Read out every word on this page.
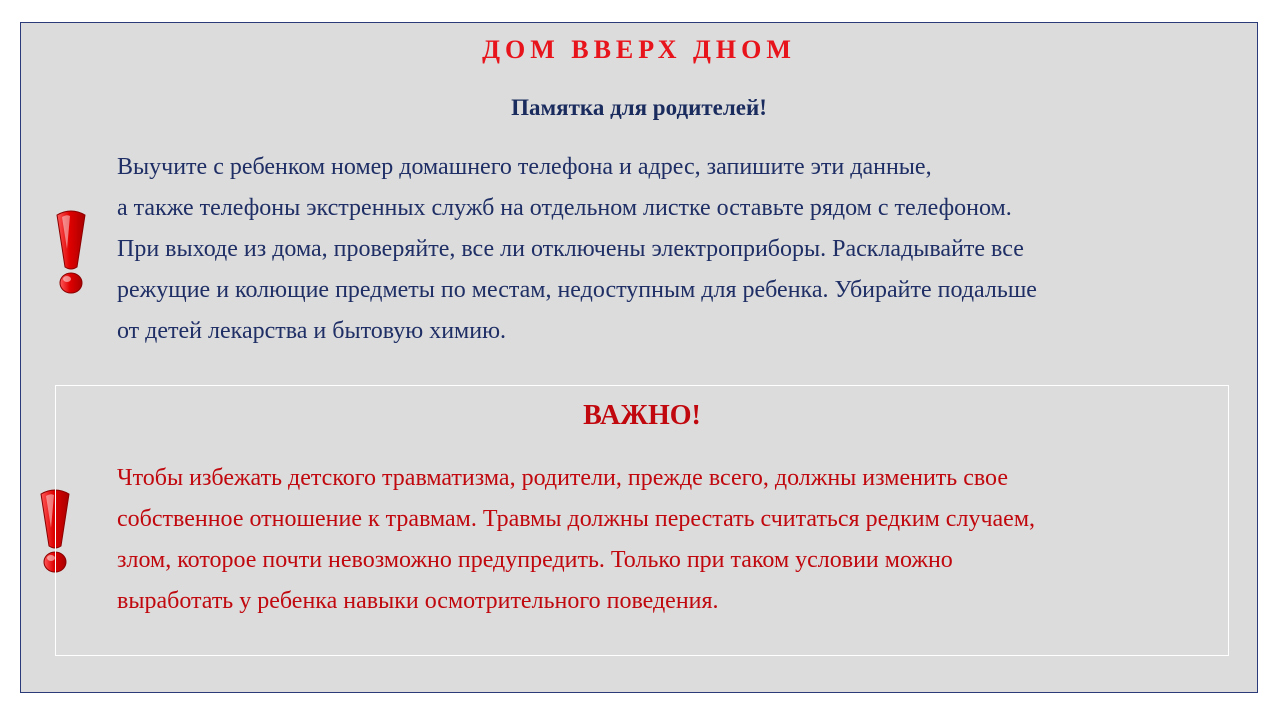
ДОМ ВВЕРХ ДНОМ
Памятка для родителей!
Выучите с ребенком номер домашнего телефона и адрес, запишите эти данные,
а также телефоны экстренных служб на отдельном листке оставьте рядом с телефоном.
При выходе из дома, проверяйте, все ли отключены электроприборы. Раскладывайте все
режущие и колющие предметы по местам, недоступным для ребенка. Убирайте подальше
от детей лекарства и бытовую химию.
ВАЖНО!
Чтобы избежать детского травматизма, родители, прежде всего, должны изменить свое
собственное отношение к травмам. Травмы должны перестать считаться редким случаем,
злом, которое почти невозможно предупредить. Только при таком условии можно
выработать у ребенка навыки осмотрительного поведения.
